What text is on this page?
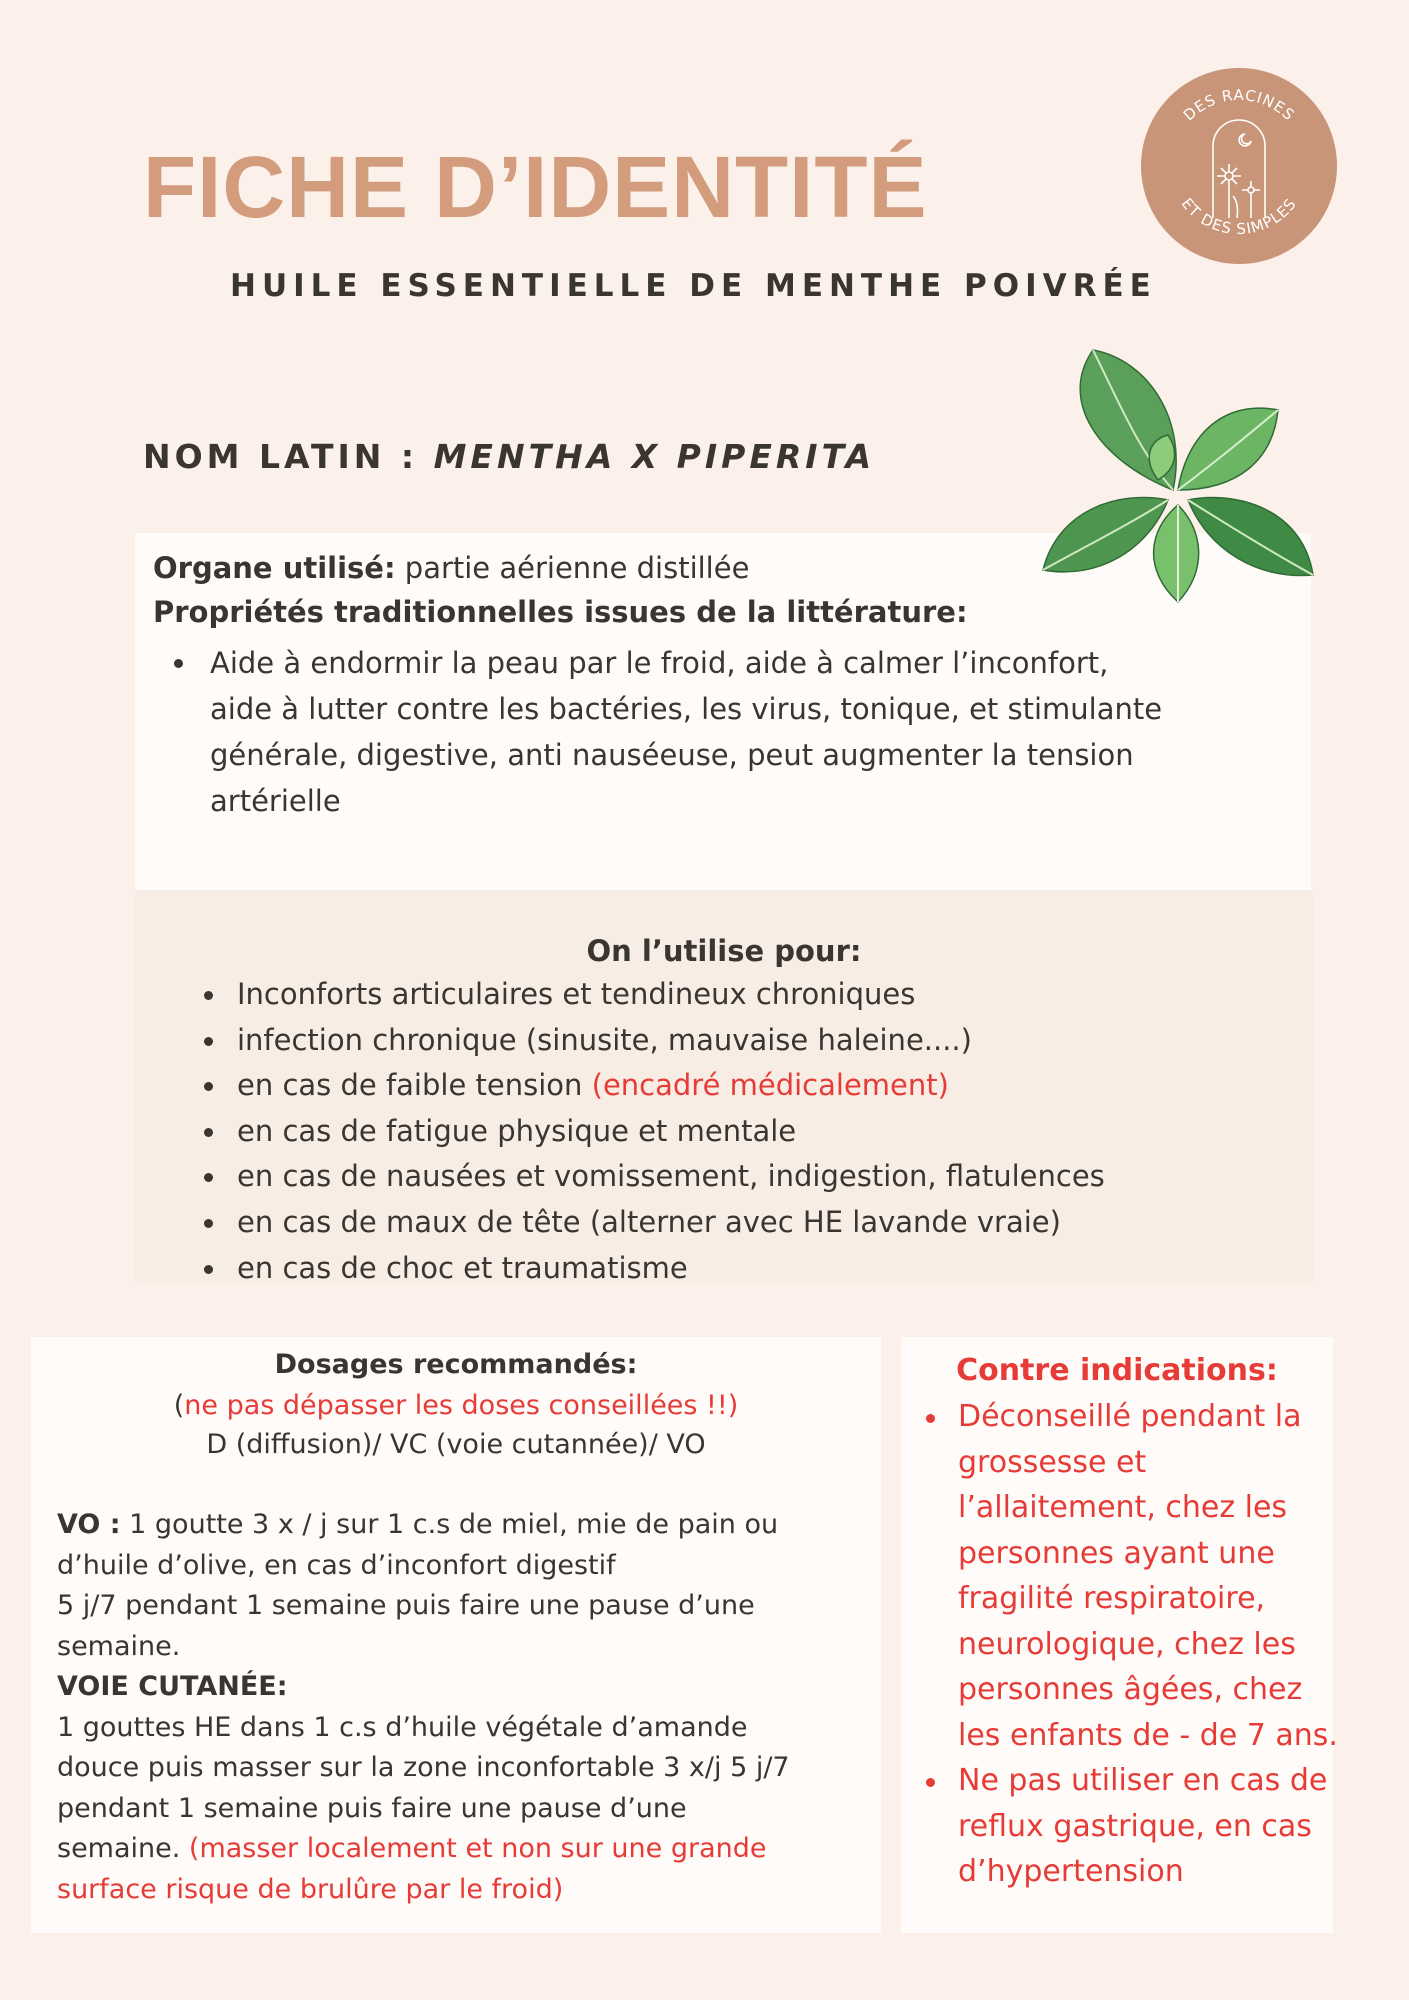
FICHE D’IDENTITÉ
HUILE ESSENTIELLE DE MENTHE POIVRÉE
DES RACINES
ET DES SIMPLES
NOM LATIN : MENTHA X PIPERITA
Organe utilisé: partie aérienne distillée
Propriétés traditionnelles issues de la littérature:
Aide à endormir la peau par le froid, aide à calmer l’inconfort,
aide à lutter contre les bactéries, les virus, tonique, et stimulante
générale, digestive, anti nauséeuse, peut augmenter la tension
artérielle
On l’utilise pour:
Inconforts articulaires et tendineux chroniques
infection chronique (sinusite, mauvaise haleine....)
en cas de faible tension (encadré médicalement)
en cas de fatigue physique et mentale
en cas de nausées et vomissement, indigestion, flatulences
en cas de maux de tête (alterner avec HE lavande vraie)
en cas de choc et traumatisme
Dosages recommandés:
(ne pas dépasser les doses conseillées !!)
D (diffusion)/ VC (voie cutannée)/ VO
VO : 1 goutte 3 x / j sur 1 c.s de miel, mie de pain ou
d’huile d’olive, en cas d’inconfort digestif
5 j/7 pendant 1 semaine puis faire une pause d’une
semaine.
VOIE CUTANÉE:
1 gouttes HE dans 1 c.s d’huile végétale d’amande
douce puis masser sur la zone inconfortable 3 x/j 5 j/7
pendant 1 semaine puis faire une pause d’une
semaine. (masser localement et non sur une grande
surface risque de brulûre par le froid)
Contre indications:
Déconseillé pendant la
grossesse et
l’allaitement, chez les
personnes ayant une
fragilité respiratoire,
neurologique, chez les
personnes âgées, chez
les enfants de - de 7 ans.
Ne pas utiliser en cas de
reflux gastrique, en cas
d’hypertension
